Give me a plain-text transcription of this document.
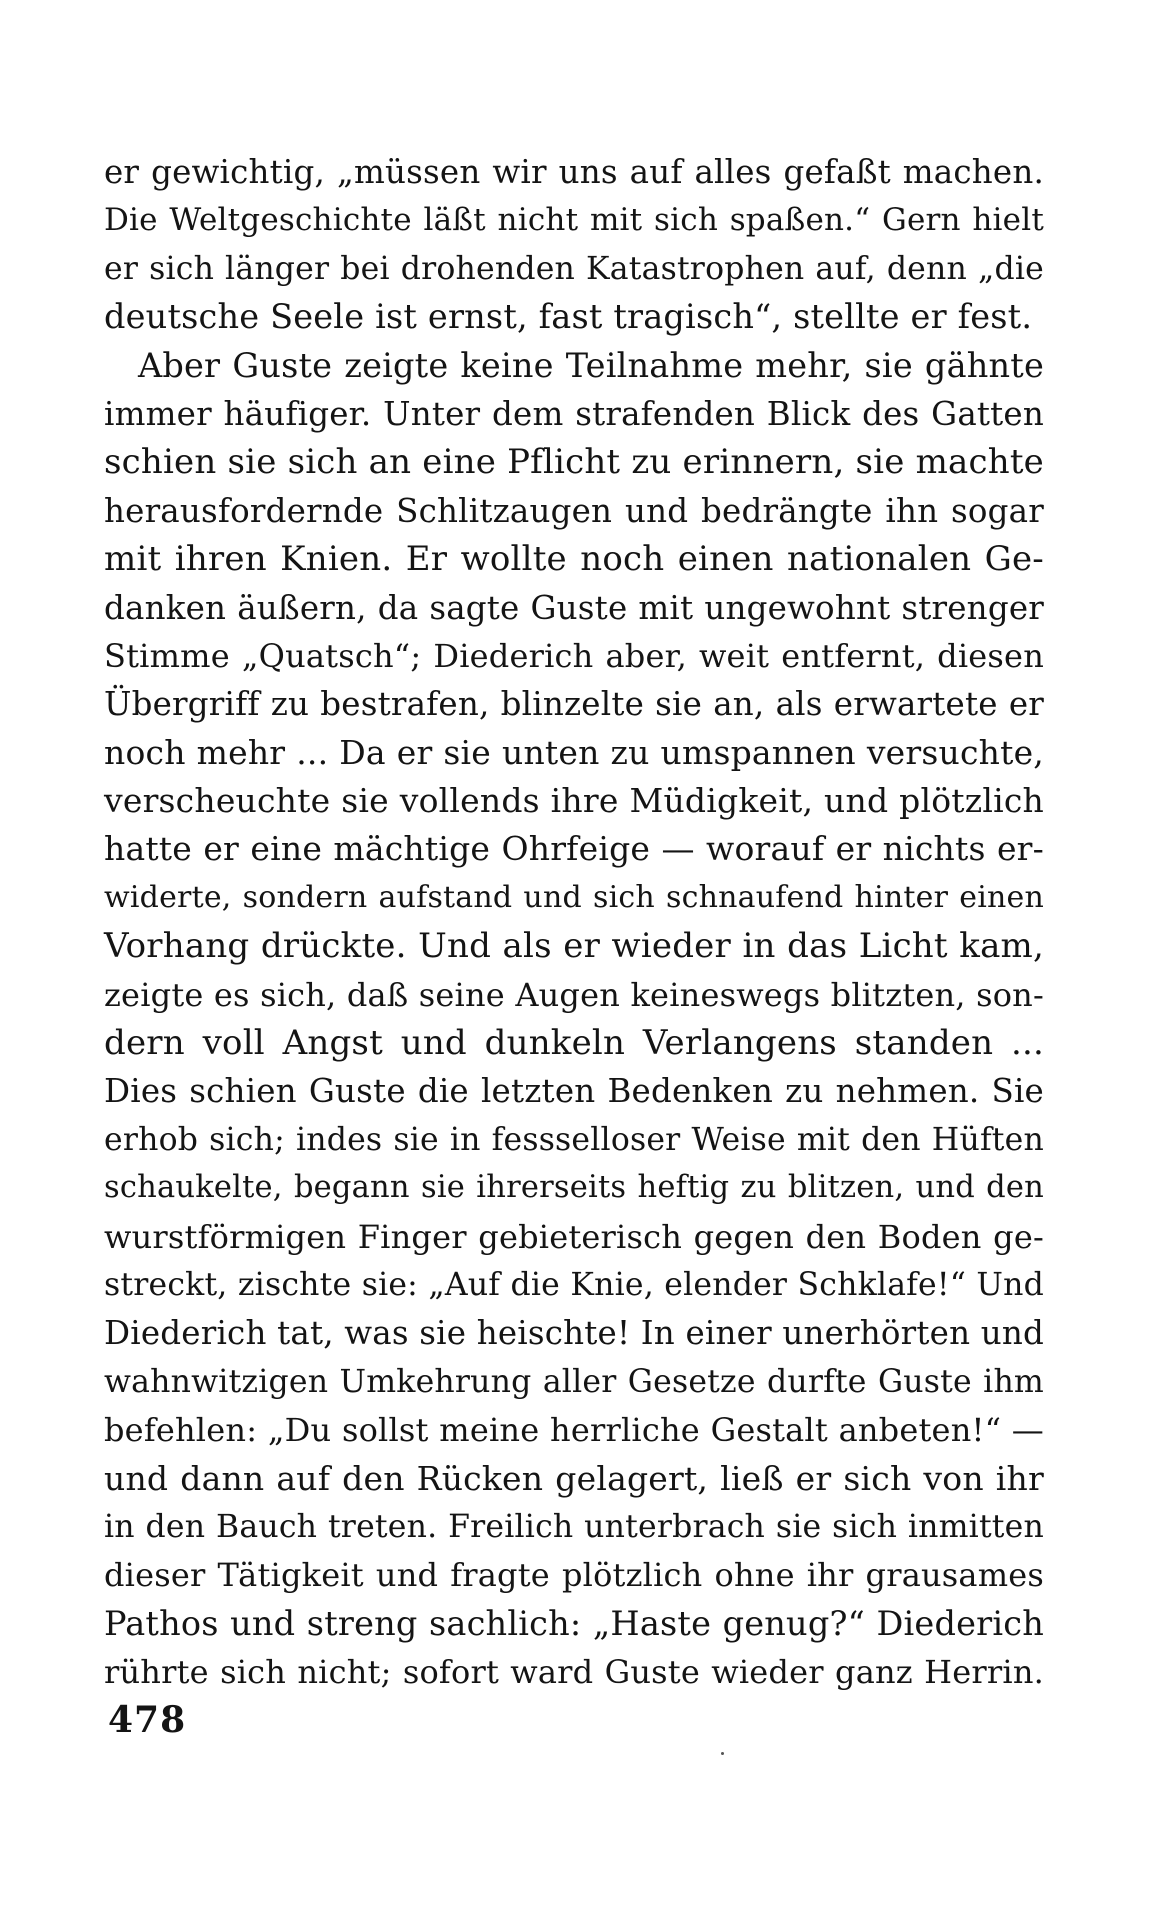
er gewichtig, „müssen wir uns auf alles gefaßt machen.
Die Weltgeschichte läßt nicht mit sich spaßen.“ Gern hielt
er sich länger bei drohenden Katastrophen auf, denn „die
deutsche Seele ist ernst, fast tragisch“, stellte er fest.
Aber Guste zeigte keine Teilnahme mehr, sie gähnte
immer häufiger. Unter dem strafenden Blick des Gatten
schien sie sich an eine Pflicht zu erinnern, sie machte
herausfordernde Schlitzaugen und bedrängte ihn sogar
mit ihren Knien. Er wollte noch einen nationalen Ge-
danken äußern, da sagte Guste mit ungewohnt strenger
Stimme „Quatsch“; Diederich aber, weit entfernt, diesen
Übergriff zu bestrafen, blinzelte sie an, als erwartete er
noch mehr ... Da er sie unten zu umspannen versuchte,
verscheuchte sie vollends ihre Müdigkeit, und plötzlich
hatte er eine mächtige Ohrfeige — worauf er nichts er-
widerte, sondern aufstand und sich schnaufend hinter einen
Vorhang drückte. Und als er wieder in das Licht kam,
zeigte es sich, daß seine Augen keineswegs blitzten, son-
dern voll Angst und dunkeln Verlangens standen ...
Dies schien Guste die letzten Bedenken zu nehmen. Sie
erhob sich; indes sie in fessselloser Weise mit den Hüften
schaukelte, begann sie ihrerseits heftig zu blitzen, und den
wurstförmigen Finger gebieterisch gegen den Boden ge-
streckt, zischte sie: „Auf die Knie, elender Schklafe!“ Und
Diederich tat, was sie heischte! In einer unerhörten und
wahnwitzigen Umkehrung aller Gesetze durfte Guste ihm
befehlen: „Du sollst meine herrliche Gestalt anbeten!“ —
und dann auf den Rücken gelagert, ließ er sich von ihr
in den Bauch treten. Freilich unterbrach sie sich inmitten
dieser Tätigkeit und fragte plötzlich ohne ihr grausames
Pathos und streng sachlich: „Haste genug?“ Diederich
rührte sich nicht; sofort ward Guste wieder ganz Herrin.
478
